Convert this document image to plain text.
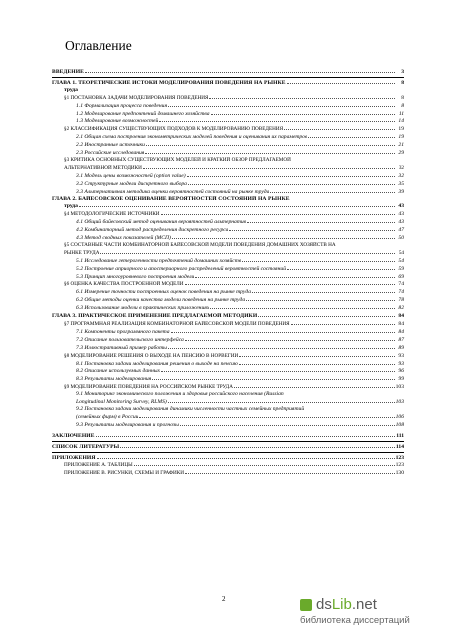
Оглавление
ВВЕДЕНИЕ	3
ГЛАВА 1. ТЕОРЕТИЧЕСКИЕ ИСТОКИ МОДЕЛИРОВАНИЯ ПОВЕДЕНИЯ НА РЫНКЕ	8
труда
§1 ПОСТАНОВКА ЗАДАЧИ МОДЕЛИРОВАНИЯ ПОВЕДЕНИЯ	8
1.1 Формализация процесса поведения	8
1.2 Моделирование предпочтений домашнего хозяйства	11
1.3 Моделирование возможностей	14
§2 КЛАССИФИКАЦИЯ СУЩЕСТВУЮЩИХ ПОДХОДОВ К МОДЕЛИРОВАНИЮ ПОВЕДЕНИЯ	19
2.1 Общая схема построения эконометрических моделей поведения и оценивания их параметров	19
2.2 Иностранные источники	21
2.3 Российские исследования	29
§3 КРИТИКА ОСНОВНЫХ СУЩЕСТВУЮЩИХ МОДЕЛЕЙ И КРАТКИЙ ОБЗОР ПРЕДЛАГАЕМОЙ
АЛЬТЕРНАТИВНОЙ МЕТОДИКИ	32
3.1 Модель цены возможностей (option value)	32
3.2 Структурные модели дискретного выбора	35
3.3 Альтернативная методика оценки вероятностей состояний на рынке труда	39
ГЛАВА 2. БАЙЕСОВСКОЕ ОЦЕНИВАНИЕ ВЕРОЯТНОСТЕЙ СОСТОЯНИЙ НА РЫНКЕ
труда	43
§4 МЕТОДОЛОГИЧЕСКИЕ ИСТОЧНИКИ	43
4.1 Общий байесовский метод оценивания вероятностей альтернатив	43
4.2 Комбинаторный метод распределения дискретного ресурса	47
4.3 Метод сводных показателей (МСП)	50
§5 СОСТАВНЫЕ ЧАСТИ КОМБИНАТОРНОЙ БАЙЕСОВСКОЙ МОДЕЛИ ПОВЕДЕНИЯ ДОМАШНИХ ХОЗЯЙСТВ НА
РЫНКЕ ТРУДА	54
5.1 Исследование гетерогенности предпочтений домашних хозяйств	54
5.2 Построение априорного и апостериорного распределений вероятностей состояний	59
5.3 Принцип многоуровневого построения модели	69
§6 ОЦЕНКА КАЧЕСТВА ПОСТРОЕННОЙ МОДЕЛИ	74
6.1 Измерение точности построенных оценок поведения на рынке труда	74
6.2 Общие методы оценки качества модели поведения на рынке труда	78
6.3 Использование модели в практических приложениях	82
ГЛАВА 3. ПРАКТИЧЕСКОЕ ПРИМЕНЕНИЕ ПРЕДЛАГАЕМОЙ МЕТОДИКИ	84
§7 ПРОГРАММНАЯ РЕАЛИЗАЦИЯ КОМБИНАТОРНОЙ БАЙЕСОВСКОЙ МОДЕЛИ ПОВЕДЕНИЯ	84
7.1 Компоненты программного пакета	84
7.2 Описание пользовательского интерфейса	87
7.3 Иллюстративный пример работы	89
§8 МОДЕЛИРОВАНИЕ РЕШЕНИЯ О ВЫХОДЕ НА ПЕНСИЮ В НОРВЕГИИ	93
8.1 Постановка задачи моделирования решения о выходе на пенсию	93
8.2 Описание используемых данных	96
8.3 Результаты моделирования	99
§9 МОДЕЛИРОВАНИЕ ПОВЕДЕНИЯ НА РОССИЙСКОМ РЫНКЕ ТРУДА	103
9.1 Мониторинг экономического положения и здоровья российского населения (Russian
Longitudinal Monitoring Survey, RLMS)	103
9.2 Постановка задачи моделирования динамики численности частных семейных предприятий
(семейных фирм) в России	106
9.3 Результаты моделирования и прогнозы	108
ЗАКЛЮЧЕНИЕ	111
СПИСОК ЛИТЕРАТУРЫ	114
ПРИЛОЖЕНИЯ	123
ПРИЛОЖЕНИЕ А. ТАБЛИЦЫ	123
ПРИЛОЖЕНИЕ В. РИСУНКИ, СХЕМЫ И ГРАФИКИ	130
2	dsLib.net
библиотека диссертаций
